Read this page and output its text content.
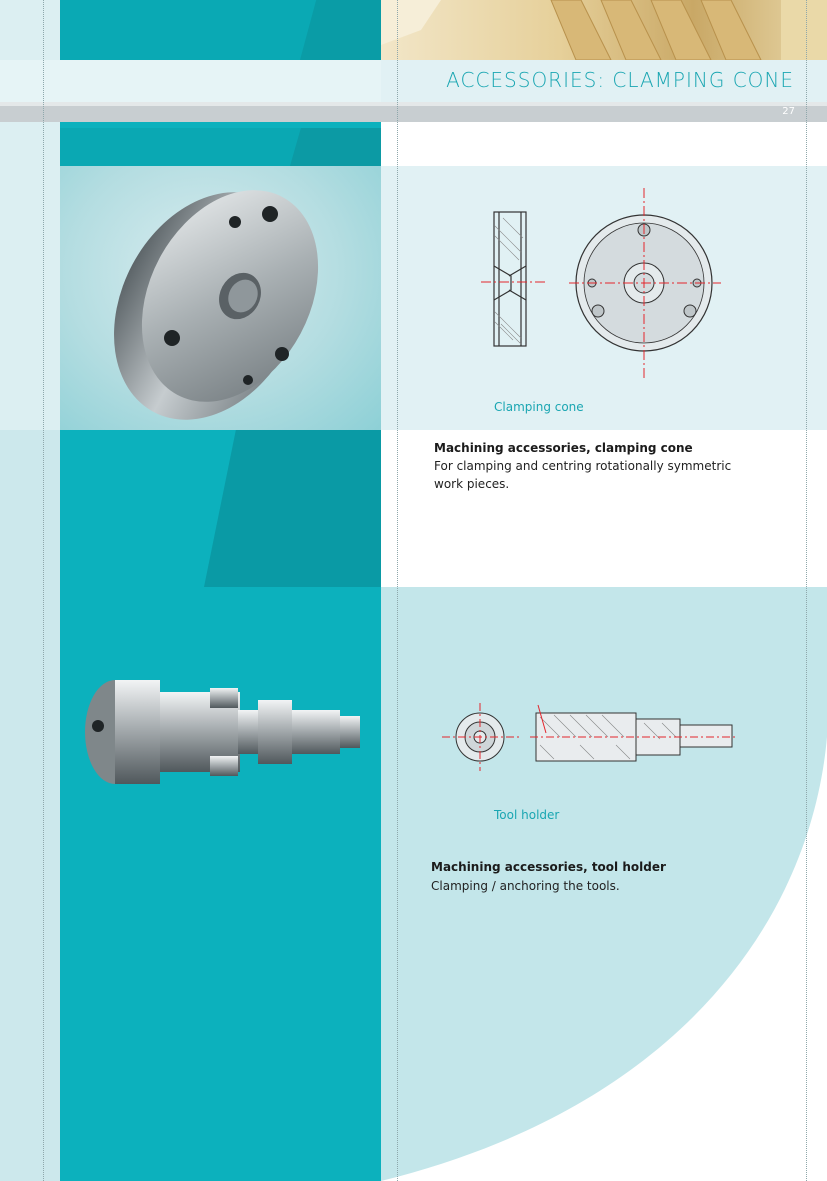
ACCESSORIES: CLAMPING CONE
27
Clamping cone
Machining accessories, clamping cone
For clamping and centring rotationally symmetric work pieces.
Tool holder
Machining accessories, tool holder
Clamping / anchoring the tools.
